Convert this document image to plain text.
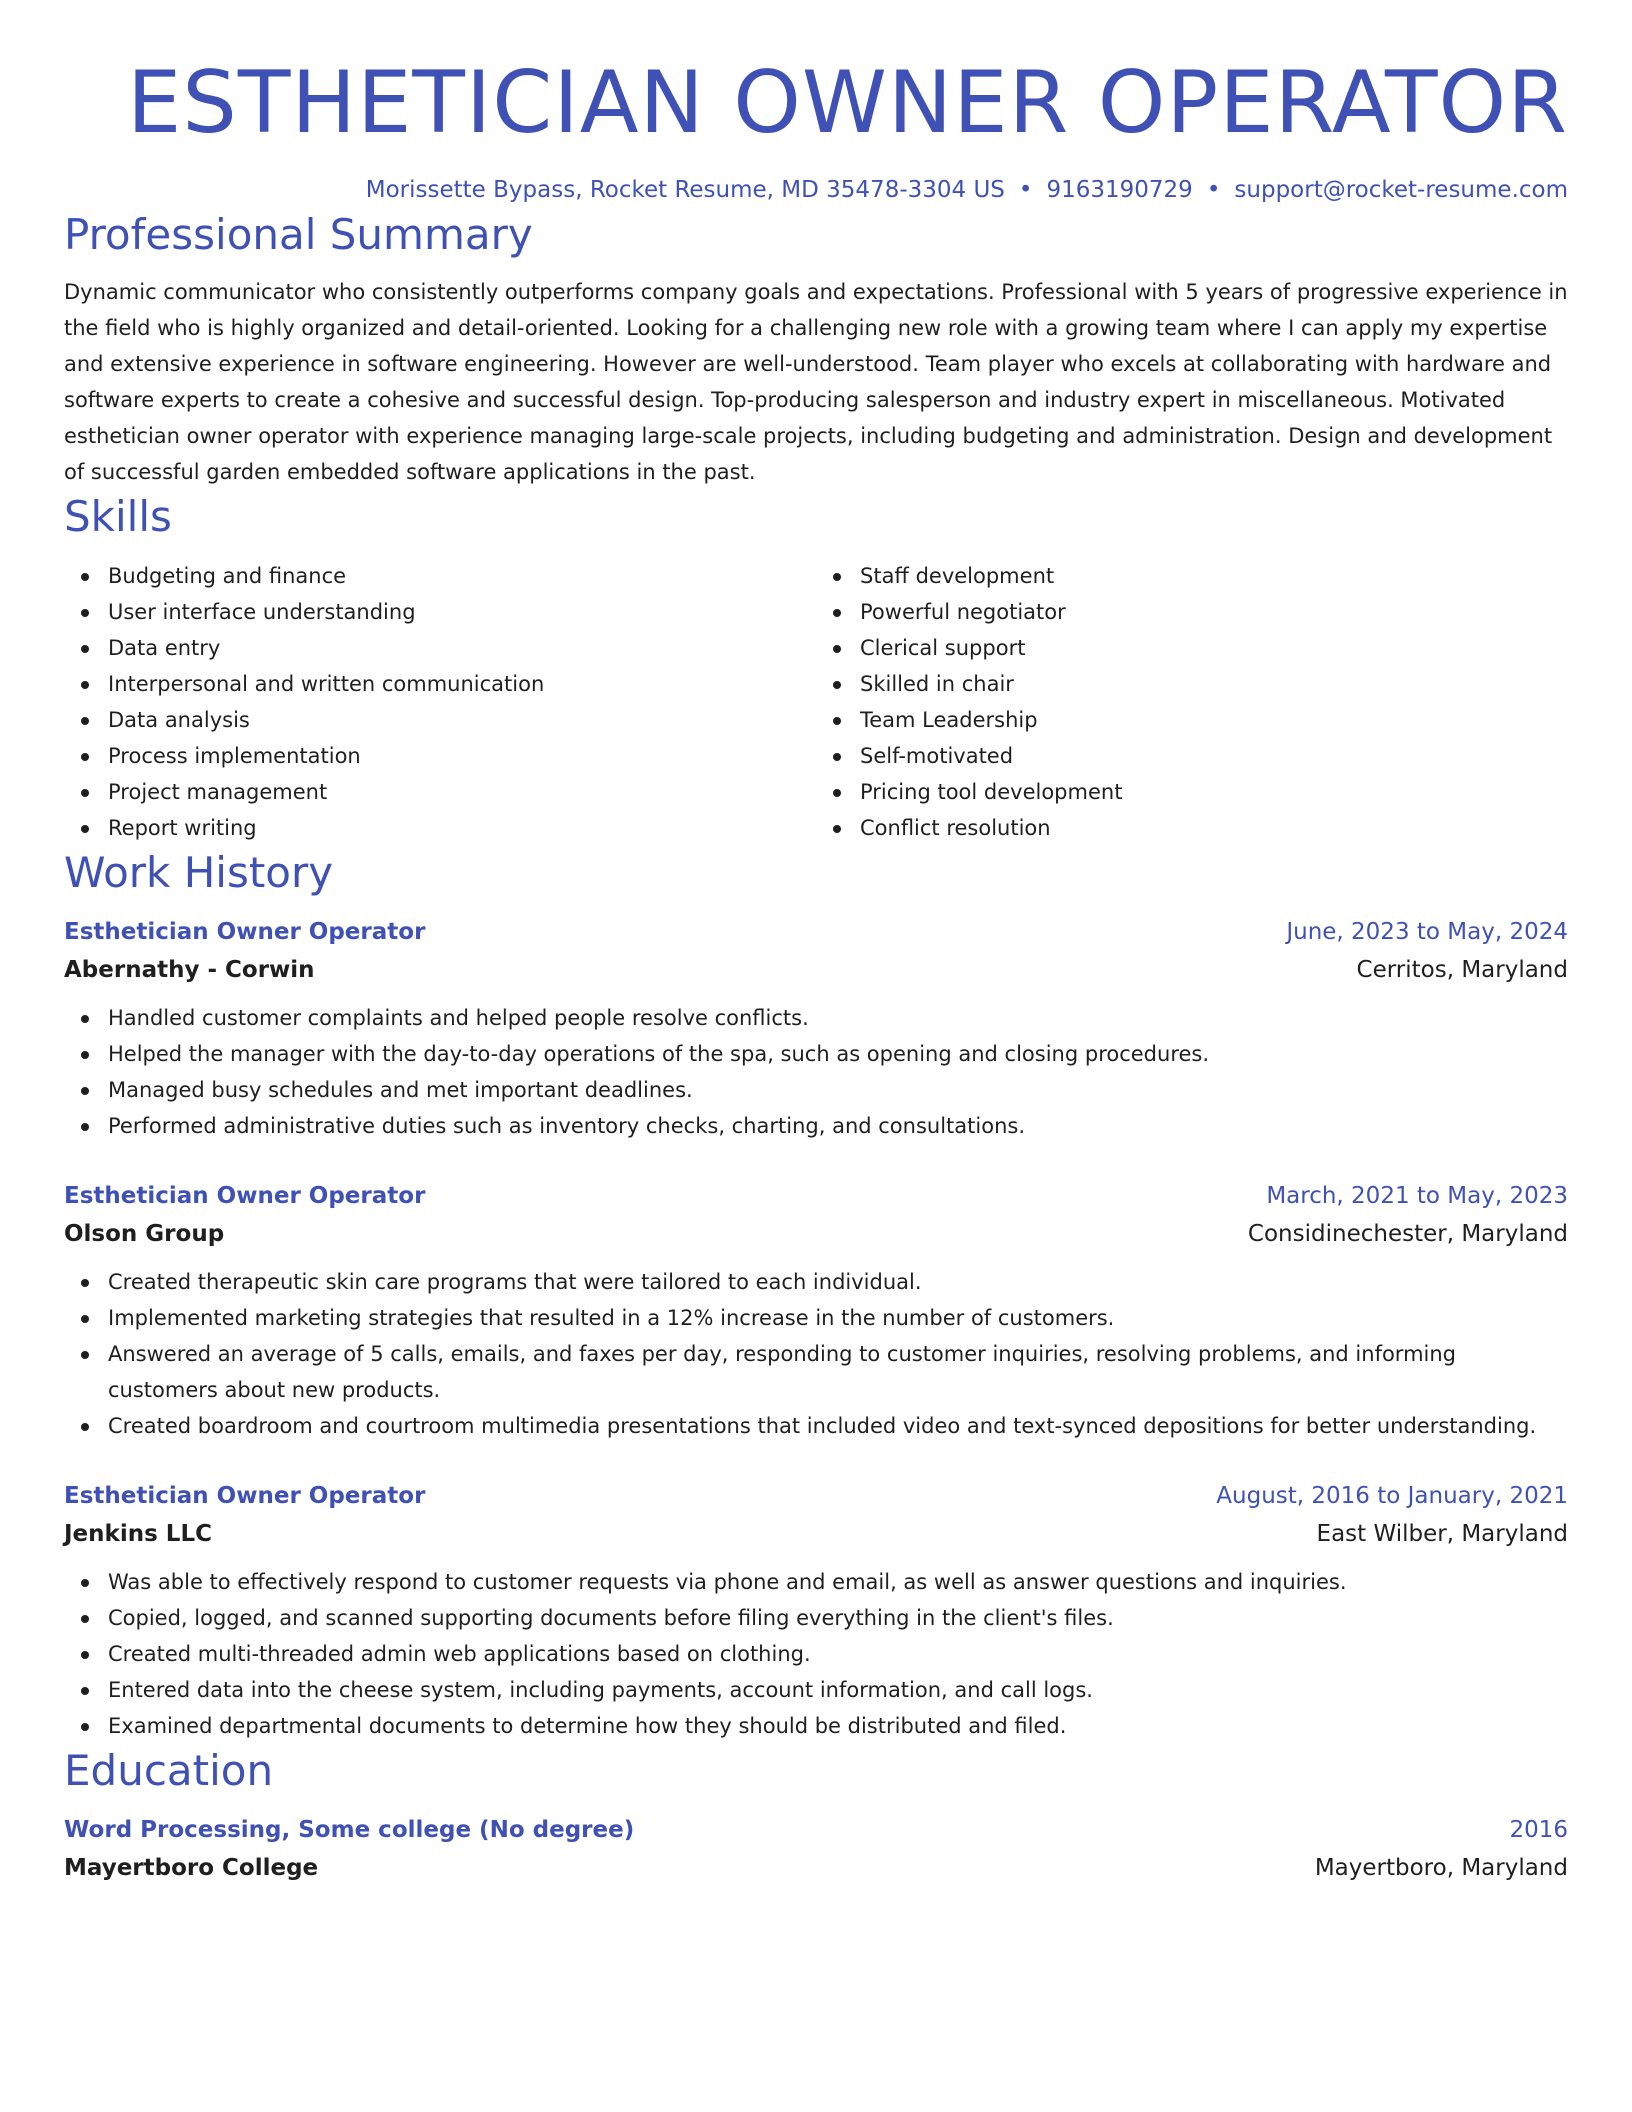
ESTHETICIAN OWNER OPERATOR
Morissette Bypass, Rocket Resume, MD 35478-3304 US • 9163190729 • support@rocket-resume.com
Professional Summary

Dynamic communicator who consistently outperforms company goals and expectations. Professional with 5 years of progressive experience in the field who is highly organized and detail-oriented. Looking for a challenging new role with a growing team where I can apply my expertise and extensive experience in software engineering. However are well-understood. Team player who excels at collaborating with hardware and software experts to create a cohesive and successful design. Top-producing salesperson and industry expert in miscellaneous. Motivated esthetician owner operator with experience managing large-scale projects, including budgeting and administration. Design and development of successful garden embedded software applications in the past.

Skills
Budgeting and finance
User interface understanding
Data entry
Interpersonal and written communication
Data analysis
Process implementation
Project management
Report writing
Staff development
Powerful negotiator
Clerical support
Skilled in chair
Team Leadership
Self-motivated
Pricing tool development
Conflict resolution
Work History
Esthetician Owner Operator	June, 2023 to May, 2024
Abernathy - Corwin	Cerritos, Maryland
Handled customer complaints and helped people resolve conflicts.
Helped the manager with the day-to-day operations of the spa, such as opening and closing procedures.
Managed busy schedules and met important deadlines.
Performed administrative duties such as inventory checks, charting, and consultations.
Esthetician Owner Operator	March, 2021 to May, 2023
Olson Group	Considinechester, Maryland
Created therapeutic skin care programs that were tailored to each individual.
Implemented marketing strategies that resulted in a 12% increase in the number of customers.
Answered an average of 5 calls, emails, and faxes per day, responding to customer inquiries, resolving problems, and informing customers about new products.
Created boardroom and courtroom multimedia presentations that included video and text-synced depositions for better understanding.
Esthetician Owner Operator	August, 2016 to January, 2021
Jenkins LLC	East Wilber, Maryland
Was able to effectively respond to customer requests via phone and email, as well as answer questions and inquiries.
Copied, logged, and scanned supporting documents before filing everything in the client's files.
Created multi-threaded admin web applications based on clothing.
Entered data into the cheese system, including payments, account information, and call logs.
Examined departmental documents to determine how they should be distributed and filed.
Education
Word Processing, Some college (No degree)	2016
Mayertboro College	Mayertboro, Maryland
